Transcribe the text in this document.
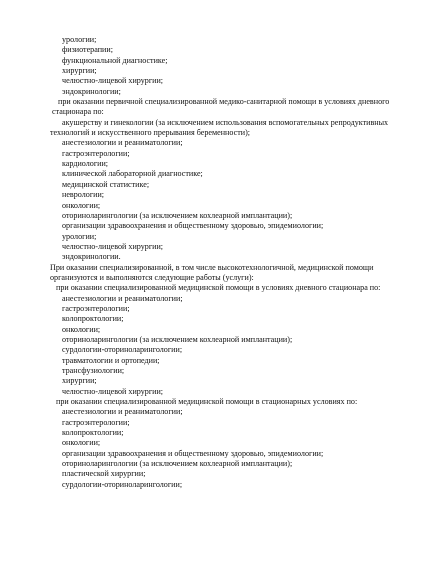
урологии;
физиотерапии;
функциональной диагностике;
хирургии;
челюстно-лицевой хирургии;
эндокринологии;
при оказании первичной специализированной медико-санитарной помощи в условиях дневного стационара по:
акушерству и гинекологии (за исключением использования вспомогательных репродуктивных технологий и искусственного прерывания беременности);
анестезиологии и реаниматологии;
гастроэнтерологии;
кардиологии;
клинической лабораторной диагностике;
медицинской статистике;
неврологии;
онкологии;
оториноларингологии (за исключением кохлеарной имплантации);
организации здравоохранения и общественному здоровью, эпидемиологии;
урологии;
челюстно-лицевой хирургии;
эндокринологии.
При оказании специализированной, в том числе высокотехнологичной, медицинской помощи организуются и выполняются следующие работы (услуги):
при оказании специализированной медицинской помощи в условиях дневного стационара по:
анестезиологии и реаниматологии;
гастроэнтерологии;
колопроктологии;
онкологии;
оториноларингологии (за исключением кохлеарной имплантации);
сурдологии-оториноларингологии;
травматологии и ортопедии;
трансфузиологии;
хирургии;
челюстно-лицевой хирургии;
при оказании специализированной медицинской помощи в стационарных условиях по:
анестезиологии и реаниматологии;
гастроэнтерологии;
колопроктологии;
онкологии;
организации здравоохранения и общественному здоровью, эпидемиологии;
оториноларингологии (за исключением кохлеарной имплантации);
пластической хирургии;
сурдологии-оториноларингологии;
